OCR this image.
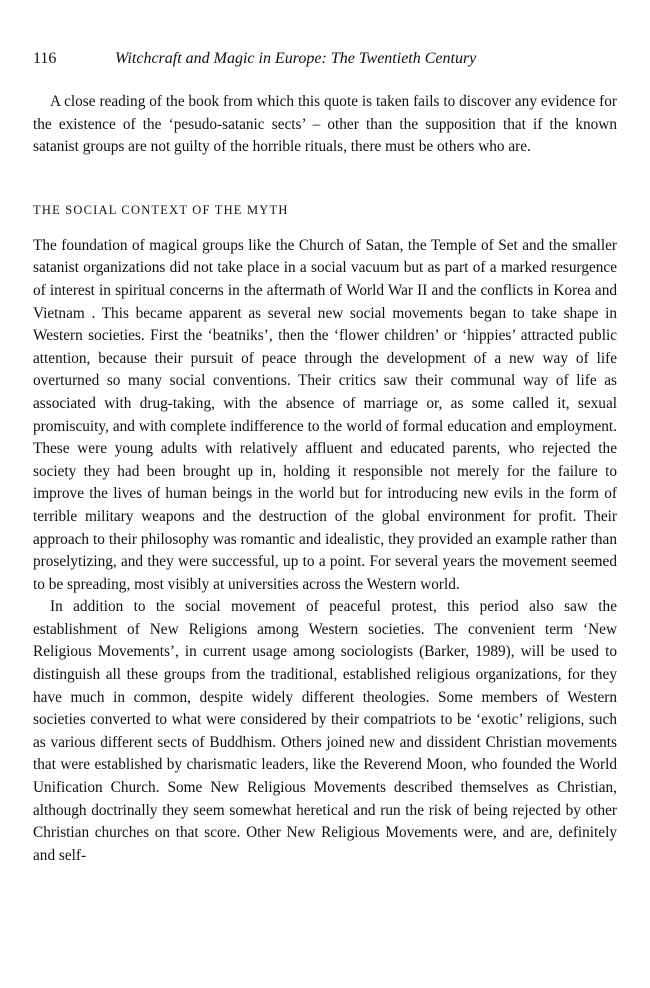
116	Witchcraft and Magic in Europe: The Twentieth Century

A close reading of the book from which this quote is taken fails to discover any evidence for the existence of the ‘pesudo-satanic sects’ – other than the supposition that if the known satanist groups are not guilty of the horrible rituals, there must be others who are.

THE SOCIAL CONTEXT OF THE MYTH

The foundation of magical groups like the Church of Satan, the Temple of Set and the smaller satanist organizations did not take place in a social vacuum but as part of a marked resurgence of interest in spiritual concerns in the aftermath of World War II and the conflicts in Korea and Vietnam . This became apparent as several new social movements began to take shape in Western societies. First the ‘beatniks’, then the ‘flower children’ or ‘hippies’ attracted public attention, because their pursuit of peace through the development of a new way of life overturned so many social conventions. Their critics saw their communal way of life as associated with drug-taking, with the absence of marriage or, as some called it, sexual promiscuity, and with complete indifference to the world of formal education and employment. These were young adults with relatively affluent and educated parents, who rejected the society they had been brought up in, holding it responsible not merely for the failure to improve the lives of human beings in the world but for introducing new evils in the form of terrible military weapons and the destruction of the global environment for profit. Their approach to their philosophy was romantic and idealistic, they provided an example rather than proselytizing, and they were successful, up to a point. For several years the movement seemed to be spreading, most visibly at universities across the Western world.

In addition to the social movement of peaceful protest, this period also saw the establishment of New Religions among Western societies. The convenient term ‘New Religious Movements’, in current usage among sociologists (Barker, 1989), will be used to distinguish all these groups from the traditional, established religious organizations, for they have much in common, despite widely different theologies. Some members of Western societies converted to what were considered by their compatriots to be ‘exotic’ religions, such as various different sects of Buddhism. Others joined new and dissident Christian movements that were established by charismatic leaders, like the Reverend Moon, who founded the World Unification Church. Some New Religious Movements described themselves as Christian, although doctrinally they seem somewhat heretical and run the risk of being rejected by other Christian churches on that score. Other New Religious Movements were, and are, definitely and self-
